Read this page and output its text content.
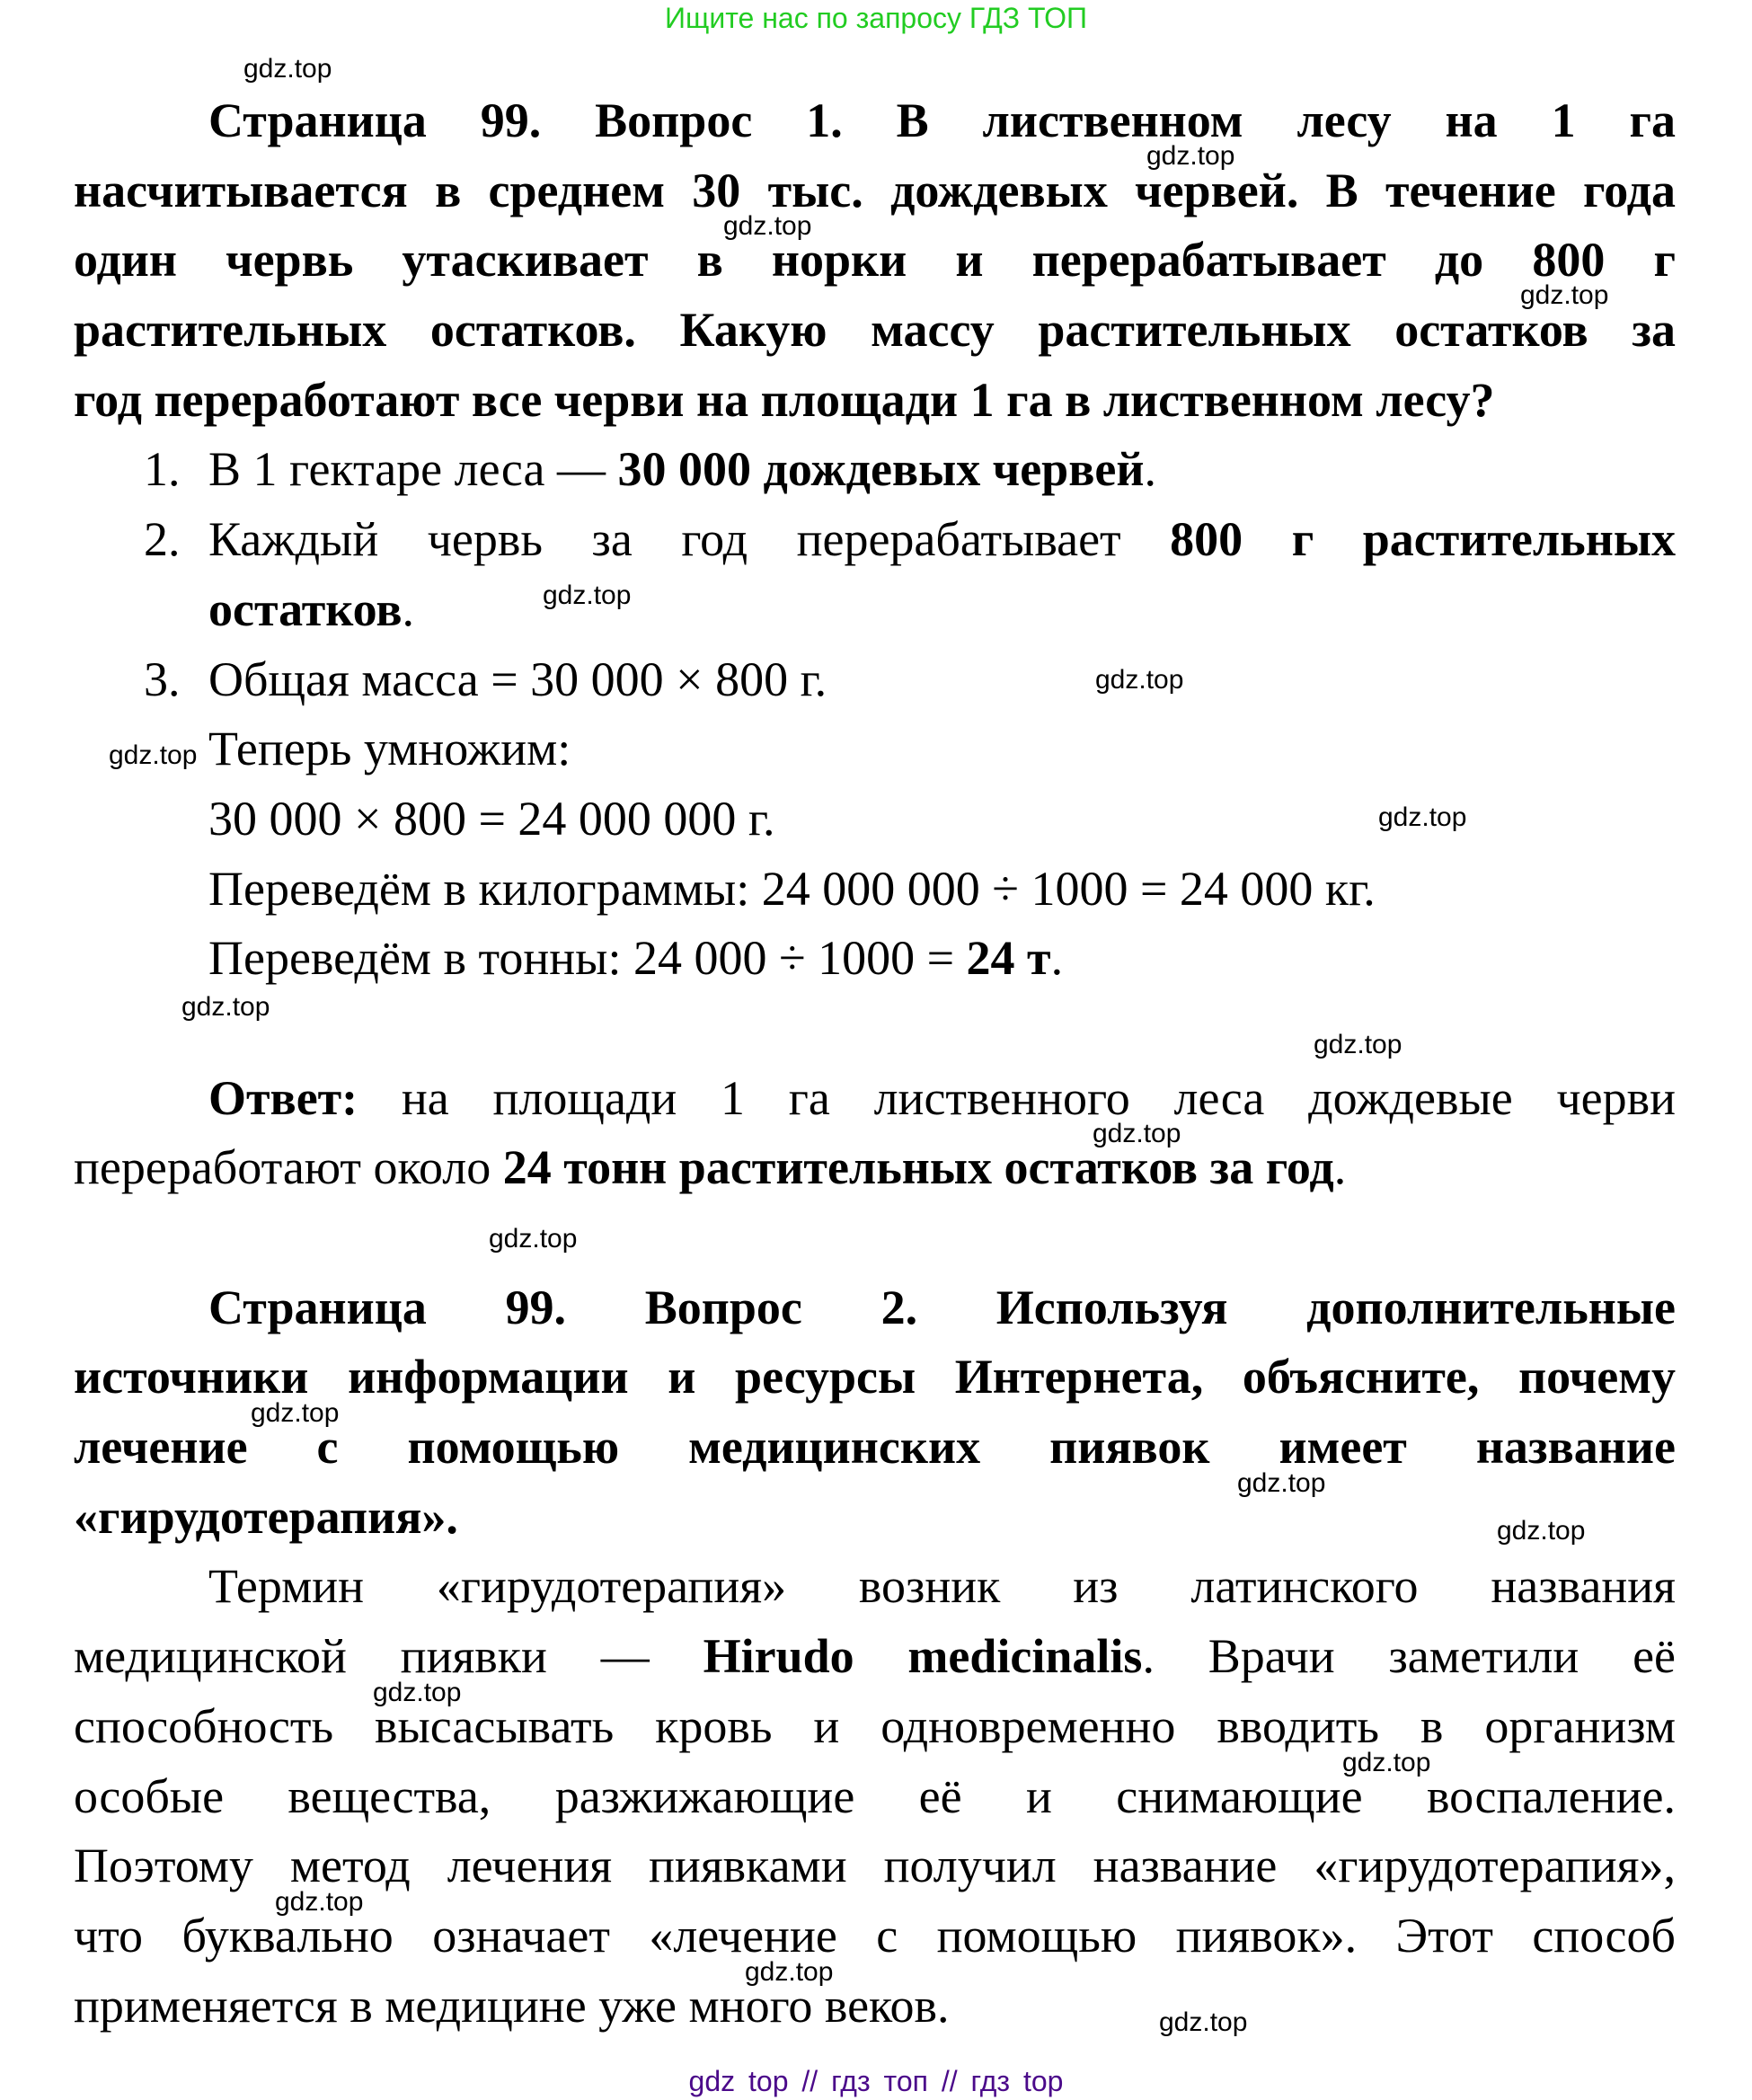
Ищите нас по запросу ГДЗ ТОП
Страница 99. Вопрос 1. В лиственном лесу на 1 га
насчитывается в среднем 30 тыс. дождевых червей. В течение года
один червь утаскивает в норки и перерабатывает до 800 г
растительных остатков. Какую массу растительных остатков за
год переработают все черви на площади 1 га в лиственном лесу?
1. В 1 гектаре леса — 30 000 дождевых червей.
2. Каждый червь за год перерабатывает 800 г растительных
остатков.
3. Общая масса = 30 000 × 800 г.
Теперь умножим:
30 000 × 800 = 24 000 000 г.
Переведём в килограммы: 24 000 000 ÷ 1000 = 24 000 кг.
Переведём в тонны: 24 000 ÷ 1000 = 24 т.
Ответ: на площади 1 га лиственного леса дождевые черви
переработают около 24 тонн растительных остатков за год.
Страница 99. Вопрос 2. Используя дополнительные
источники информации и ресурсы Интернета, объясните, почему
лечение с помощью медицинских пиявок имеет название
«гирудотерапия».
Термин «гирудотерапия» возник из латинского названия
медицинской пиявки — Hirudo medicinalis. Врачи заметили её
способность высасывать кровь и одновременно вводить в организм
особые вещества, разжижающие её и снимающие воспаление.
Поэтому метод лечения пиявками получил название «гирудотерапия»,
что буквально означает «лечение с помощью пиявок». Этот способ
применяется в медицине уже много веков.
gdz.top
gdz.top
gdz.top
gdz.top
gdz.top
gdz.top
gdz.top
gdz.top
gdz.top
gdz.top
gdz.top
gdz.top
gdz.top
gdz.top
gdz.top
gdz.top
gdz.top
gdz.top
gdz.top
gdz.top
gdz top // гдз топ // гдз top
